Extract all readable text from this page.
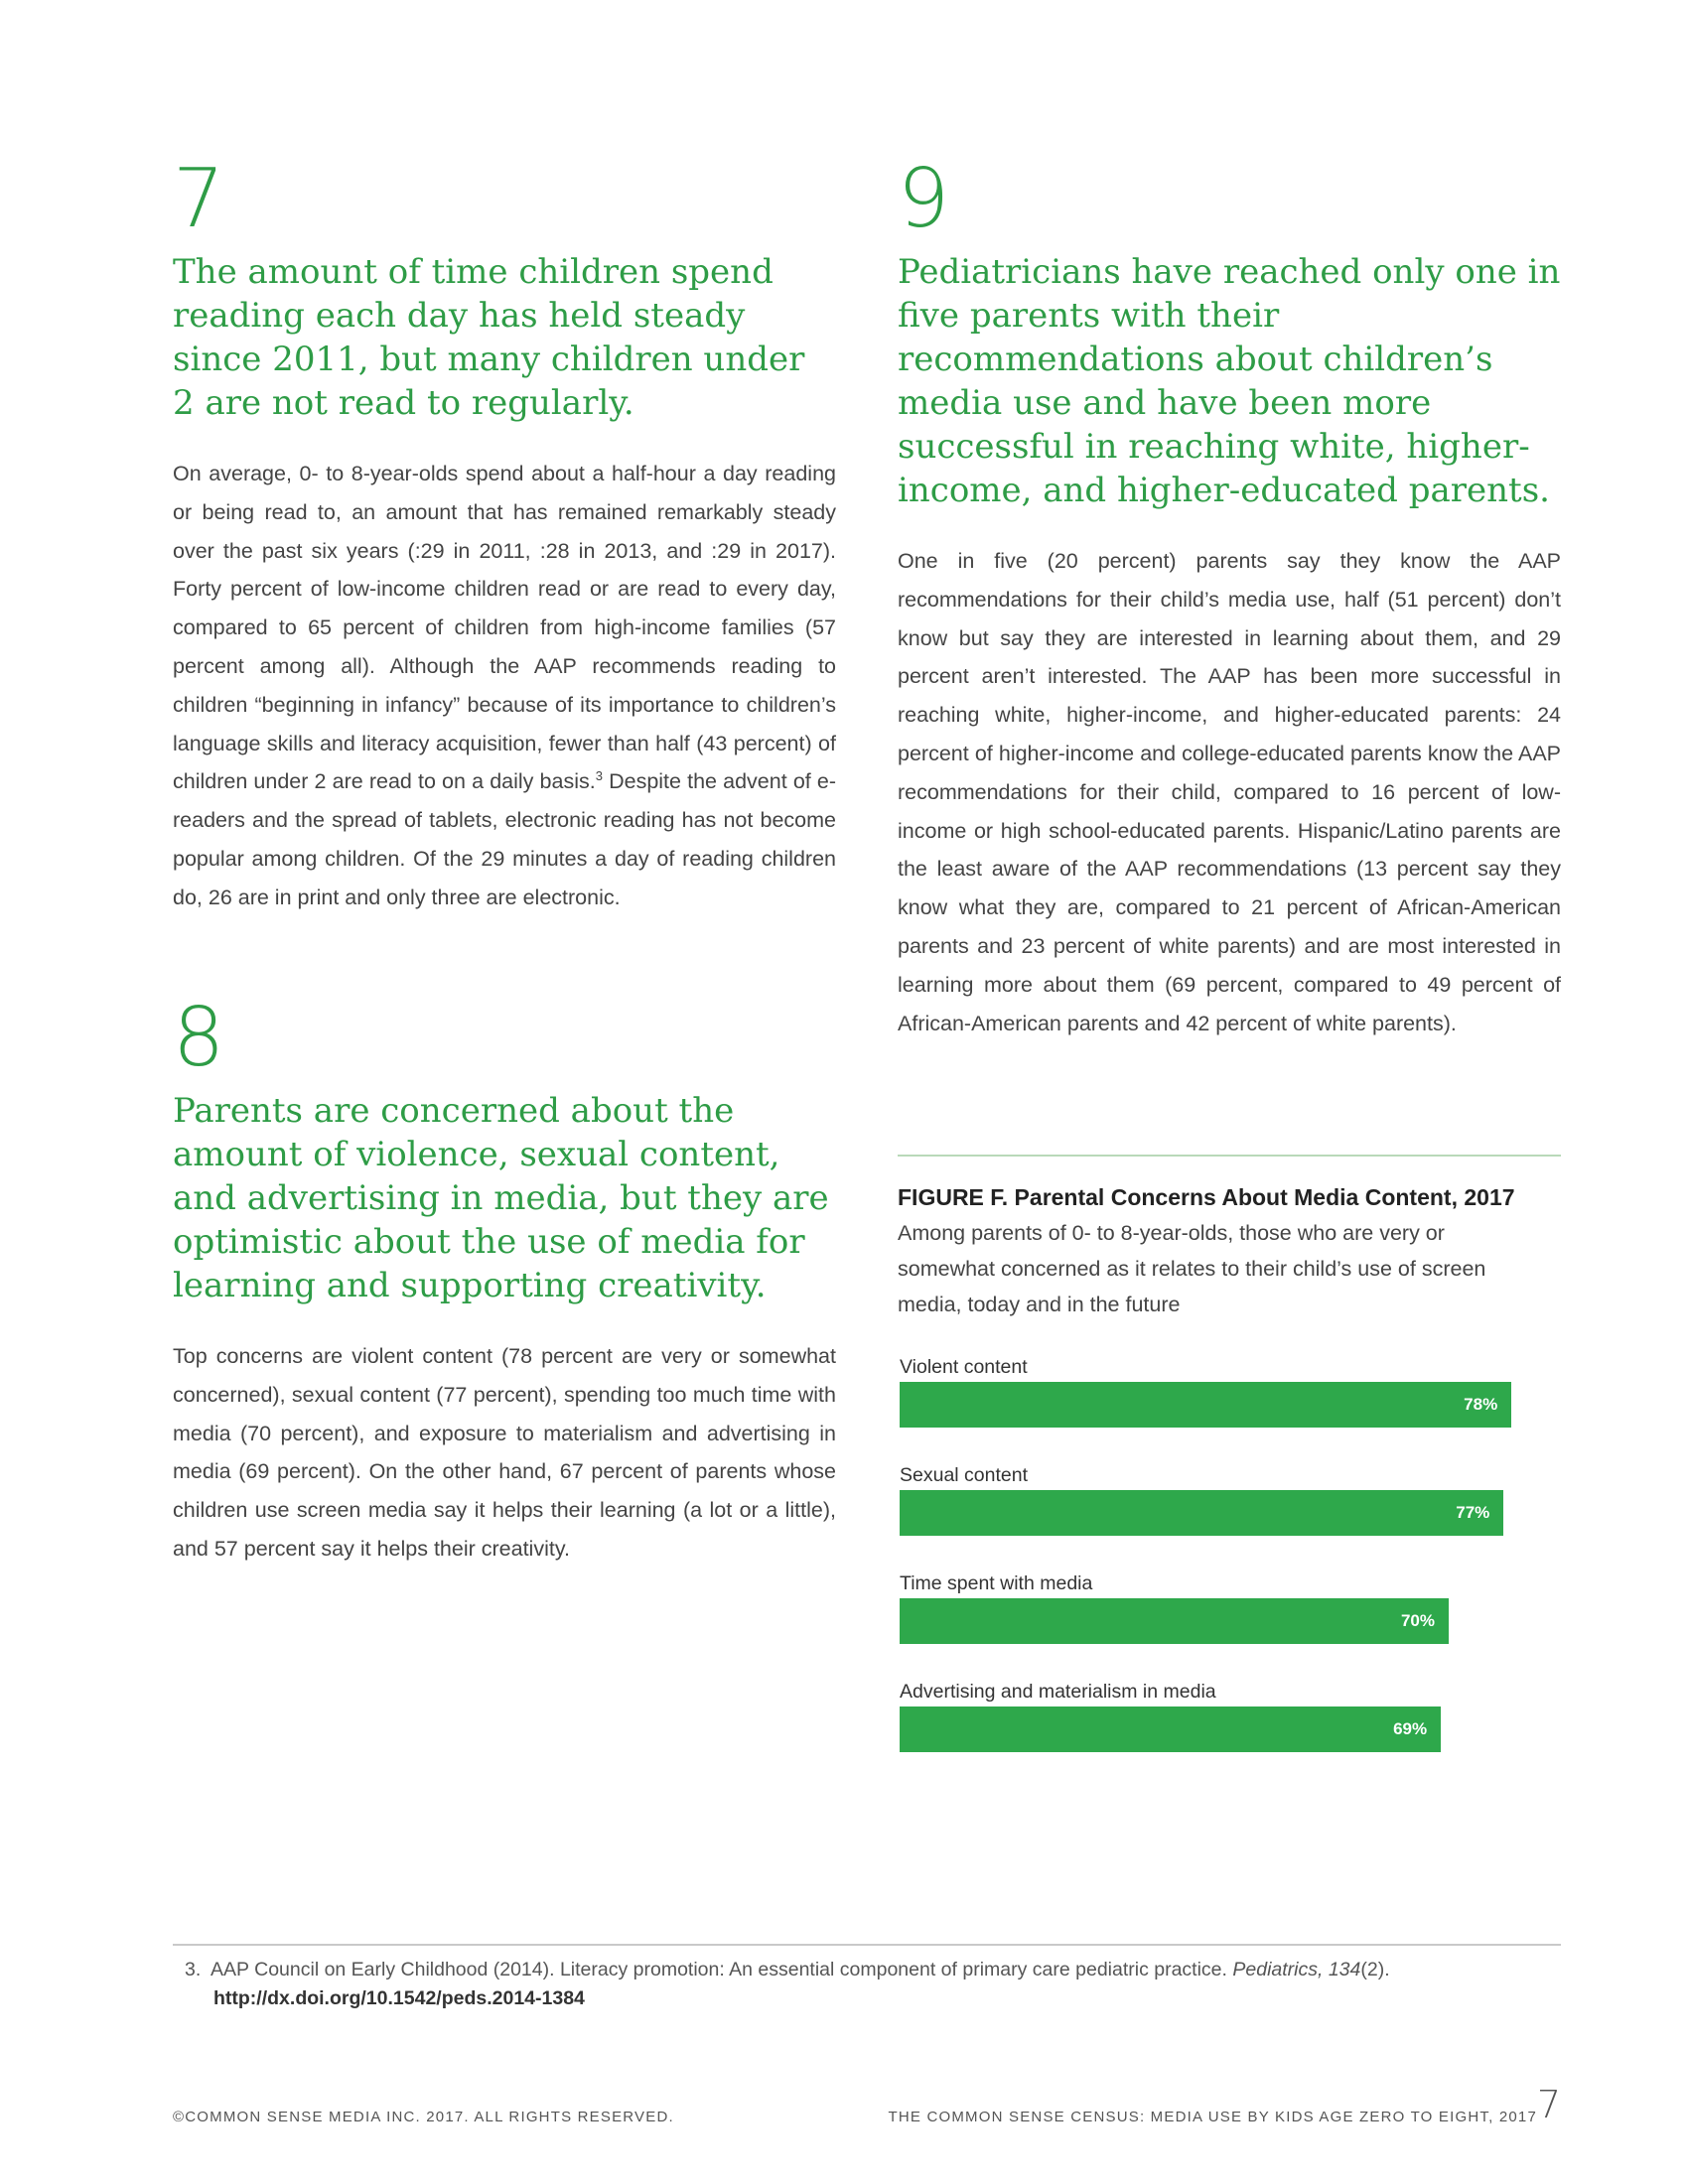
7
The amount of time children spend reading each day has held steady since 2011, but many children under 2 are not read to regularly.
On average, 0- to 8-year-olds spend about a half-hour a day reading or being read to, an amount that has remained remarkably steady over the past six years (:29 in 2011, :28 in 2013, and :29 in 2017). Forty percent of low-income children read or are read to every day, compared to 65 percent of children from high-income families (57 percent among all). Although the AAP recommends reading to children “beginning in infancy” because of its importance to children’s language skills and literacy acquisition, fewer than half (43 percent) of children under 2 are read to on a daily basis.$^3$ Despite the advent of e-readers and the spread of tablets, electronic reading has not become popular among children. Of the 29 minutes a day of reading children do, 26 are in print and only three are electronic.
8
Parents are concerned about the amount of violence, sexual content, and advertising in media, but they are optimistic about the use of media for learning and supporting creativity.
Top concerns are violent content (78 percent are very or somewhat concerned), sexual content (77 percent), spending too much time with media (70 percent), and exposure to materialism and advertising in media (69 percent). On the other hand, 67 percent of parents whose children use screen media say it helps their learning (a lot or a little), and 57 percent say it helps their creativity.
9
Pediatricians have reached only one in five parents with their recommendations about children’s media use and have been more successful in reaching white, higher-income, and higher-educated parents.
One in five (20 percent) parents say they know the AAP recommendations for their child’s media use, half (51 percent) don’t know but say they are interested in learning about them, and 29 percent aren’t interested. The AAP has been more successful in reaching white, higher-income, and higher-educated parents: 24 percent of higher-income and college-educated parents know the AAP recommendations for their child, compared to 16 percent of low-income or high school-educated parents. Hispanic/Latino parents are the least aware of the AAP recommendations (13 percent say they know what they are, compared to 21 percent of African-American parents and 23 percent of white parents) and are most interested in learning more about them (69 percent, compared to 49 percent of African-American parents and 42 percent of white parents).
FIGURE F. Parental Concerns About Media Content, 2017
Among parents of 0- to 8-year-olds, those who are very or somewhat concerned as it relates to their child’s use of screen media, today and in the future
Violent content
78%
Sexual content
77%
Time spent with media
70%
Advertising and materialism in media
69%
3. AAP Council on Early Childhood (2014). Literacy promotion: An essential component of primary care pediatric practice. Pediatrics, 134(2).
http://dx.doi.org/10.1542/peds.2014-1384
©COMMON SENSE MEDIA INC. 2017. ALL RIGHTS RESERVED.	THE COMMON SENSE CENSUS: MEDIA USE BY KIDS AGE ZERO TO EIGHT, 2017 7
